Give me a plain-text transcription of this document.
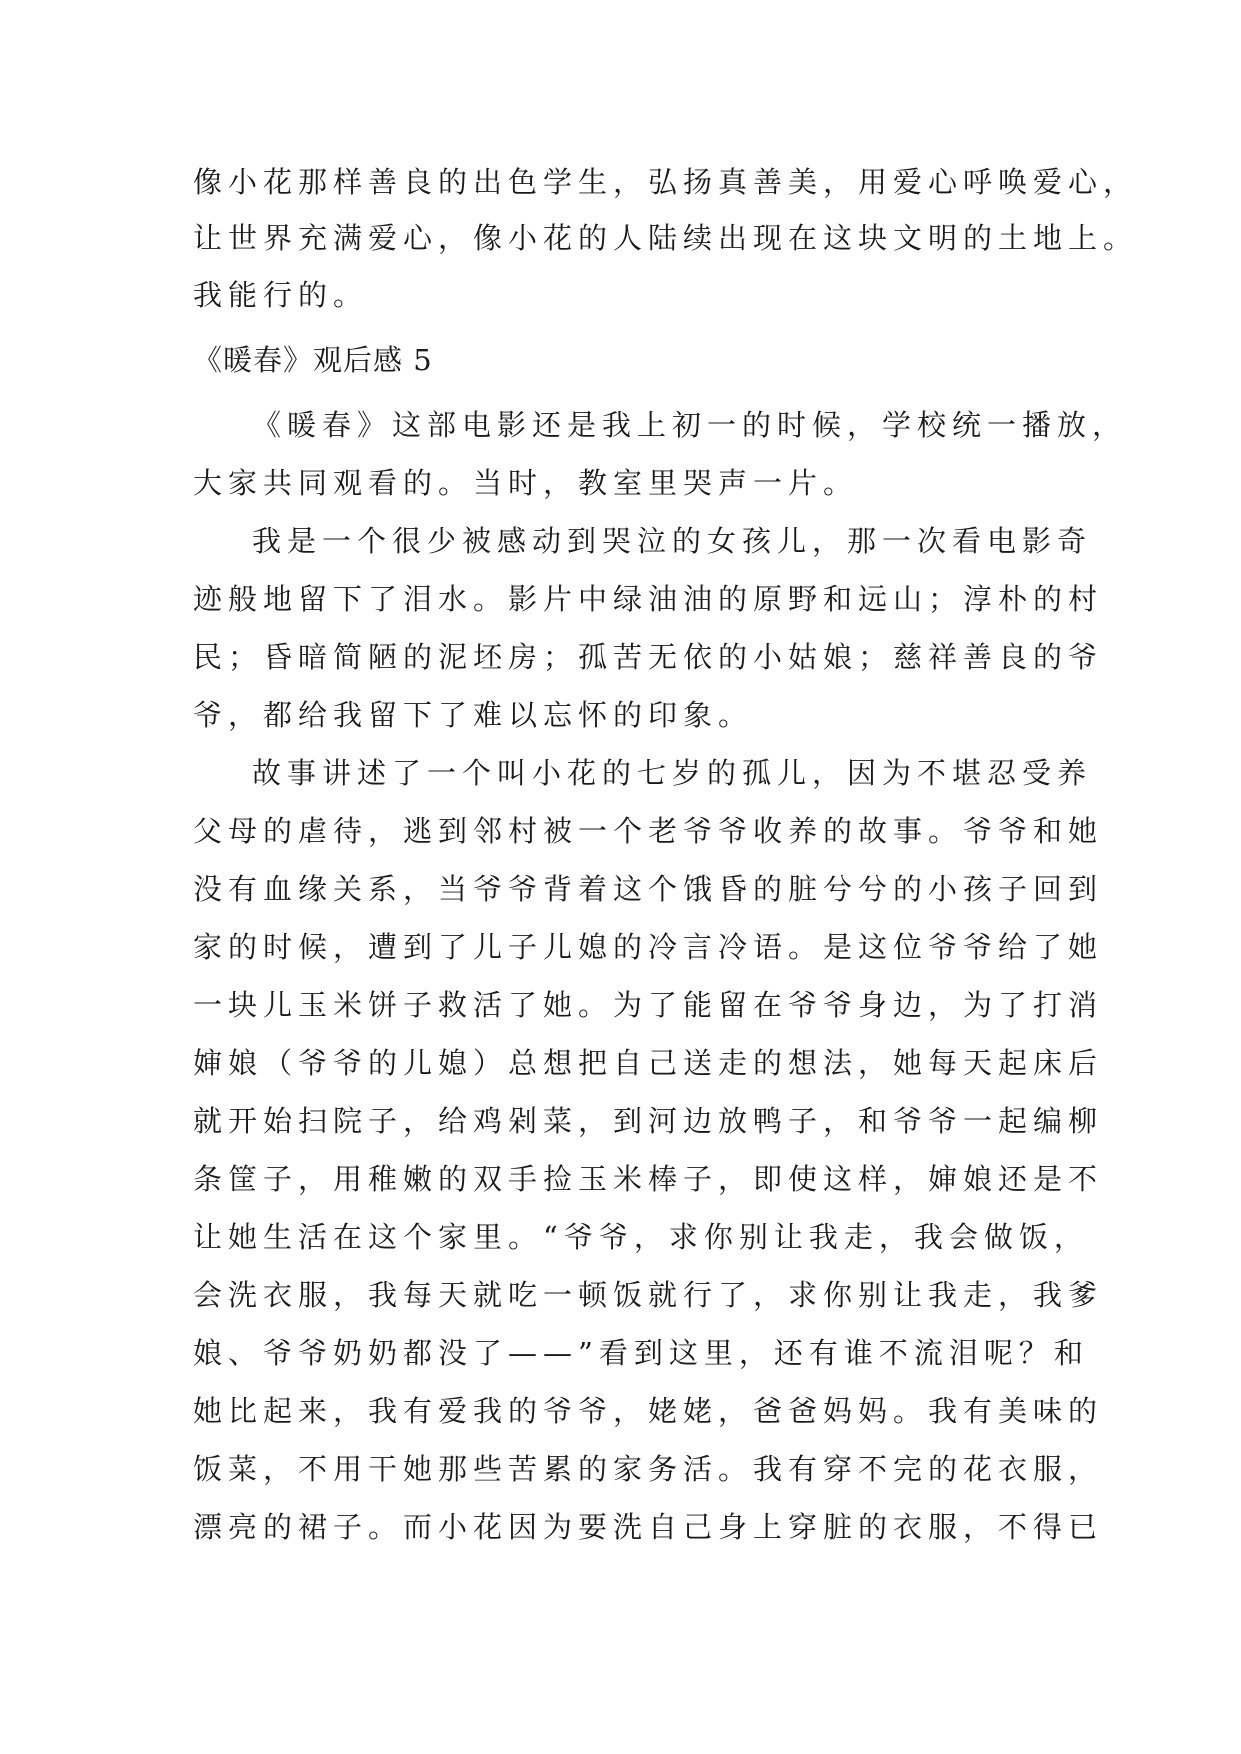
像小花那样善良的出色学生，弘扬真善美，用爱心呼唤爱心，
让世界充满爱心，像小花的人陆续出现在这块文明的土地上。
我能行的。
《暖春》观后感 5
《暖春》这部电影还是我上初一的时候，学校统一播放，
大家共同观看的。当时，教室里哭声一片。
我是一个很少被感动到哭泣的女孩儿，那一次看电影奇
迹般地留下了泪水。影片中绿油油的原野和远山；淳朴的村
民；昏暗简陋的泥坯房；孤苦无依的小姑娘；慈祥善良的爷
爷，都给我留下了难以忘怀的印象。
故事讲述了一个叫小花的七岁的孤儿，因为不堪忍受养
父母的虐待，逃到邻村被一个老爷爷收养的故事。爷爷和她
没有血缘关系，当爷爷背着这个饿昏的脏兮兮的小孩子回到
家的时候，遭到了儿子儿媳的冷言冷语。是这位爷爷给了她
一块儿玉米饼子救活了她。为了能留在爷爷身边，为了打消
婶娘（爷爷的儿媳）总想把自己送走的想法，她每天起床后
就开始扫院子，给鸡剁菜，到河边放鸭子，和爷爷一起编柳
条筐子，用稚嫩的双手捡玉米棒子，即使这样，婶娘还是不
让她生活在这个家里。“爷爷，求你别让我走，我会做饭，
会洗衣服，我每天就吃一顿饭就行了，求你别让我走，我爹
娘、爷爷奶奶都没了——”看到这里，还有谁不流泪呢？和
她比起来，我有爱我的爷爷，姥姥，爸爸妈妈。我有美味的
饭菜，不用干她那些苦累的家务活。我有穿不完的花衣服，
漂亮的裙子。而小花因为要洗自己身上穿脏的衣服，不得已
